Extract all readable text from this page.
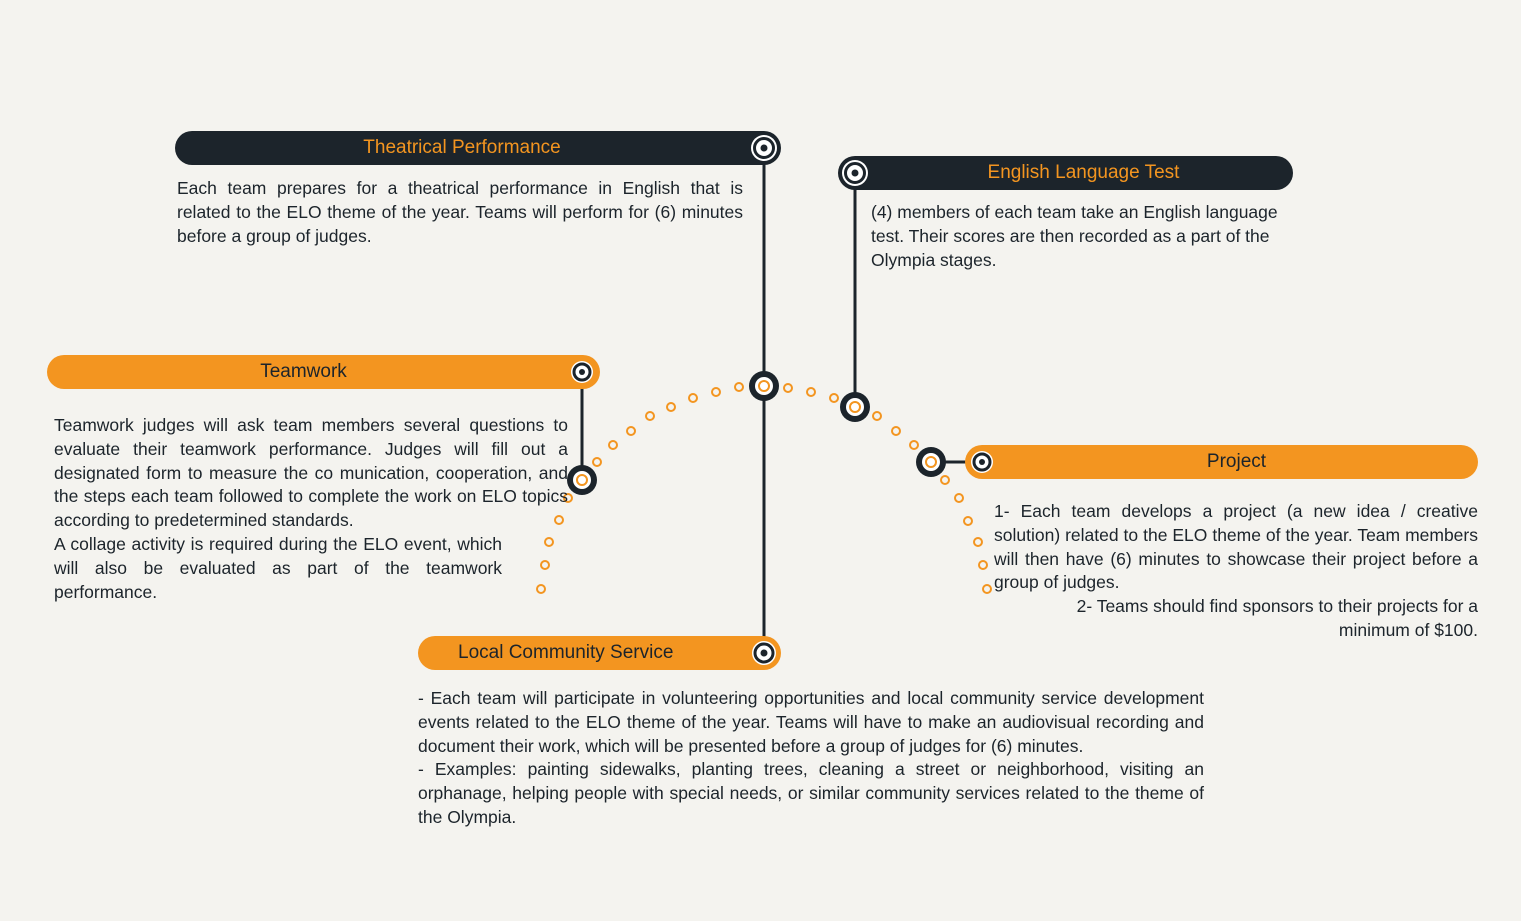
Theatrical Performance
English Language Test
Teamwork
Project
Local Community Service

Each team prepares for a theatrical performance in English that is related to the ELO theme of the year. Teams will perform for (6) minutes before a group of judges.

(4) members of each team take an English language test. Their scores are then recorded as a part of the Olympia stages.

Teamwork judges will ask team members several questions to evaluate their teamwork performance. Judges will fill out a designated form to measure the co munication, cooperation, and the steps each team followed to complete the work on ELO topics according to predetermined standards.

A collage activity is required during the ELO event, which will also be evaluated as part of the teamwork performance.

1- Each team develops a project (a new idea / creative solution) related to the ELO theme of the year. Team members will then have (6) minutes to showcase their project before a group of judges.

2- Teams should find sponsors to their projects for a minimum of $100.

- Each team will participate in volunteering opportunities and local community service development events related to the ELO theme of the year. Teams will have to make an audiovisual recording and document their work, which will be presented before a group of judges for (6) minutes.

- Examples: painting sidewalks, planting trees, cleaning a street or neighborhood, visiting an orphanage, helping people with special needs, or similar community services related to the theme of the Olympia.
